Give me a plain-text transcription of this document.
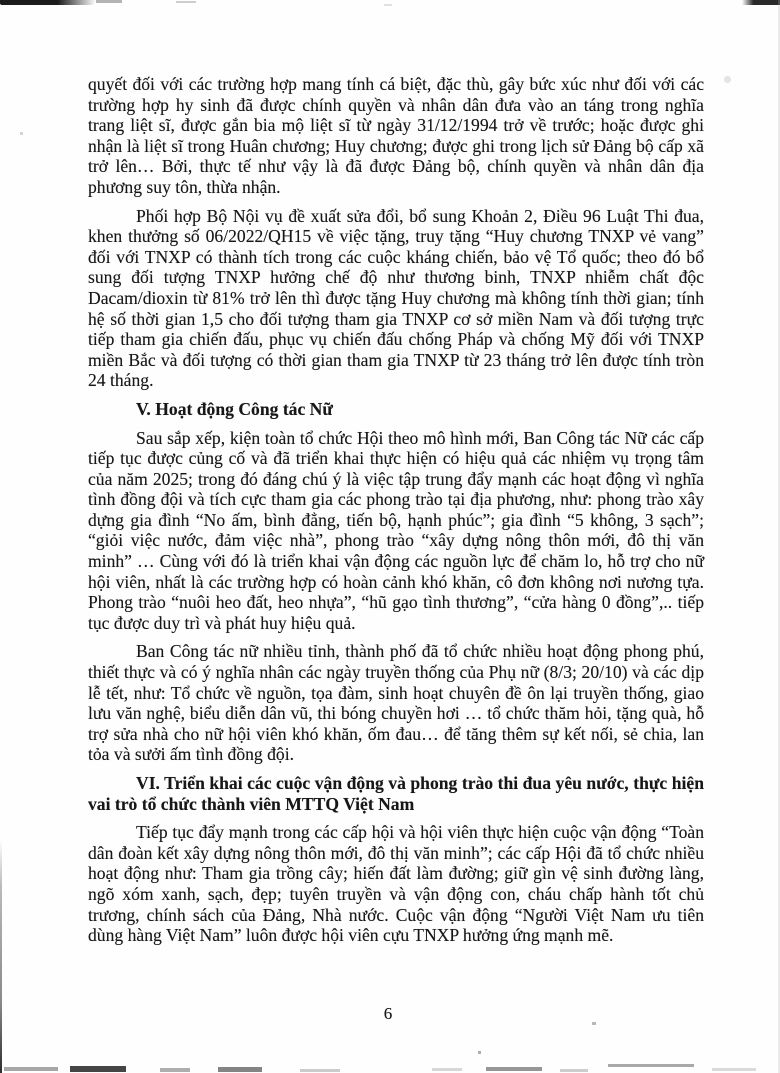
quyết đối với các trường hợp mang tính cá biệt, đặc thù, gây bức xúc như đối với các trường hợp hy sinh đã được chính quyền và nhân dân đưa vào an táng trong nghĩa trang liệt sĩ, được gắn bia mộ liệt sĩ từ ngày 31/12/1994 trở về trước; hoặc được ghi nhận là liệt sĩ trong Huân chương; Huy chương; được ghi trong lịch sử Đảng bộ cấp xã trở lên… Bởi, thực tế như vậy là đã được Đảng bộ, chính quyền và nhân dân địa phương suy tôn, thừa nhận.

Phối hợp Bộ Nội vụ đề xuất sửa đổi, bổ sung Khoản 2, Điều 96 Luật Thi đua, khen thưởng số 06/2022/QH15 về việc tặng, truy tặng “Huy chương TNXP vẻ vang” đối với TNXP có thành tích trong các cuộc kháng chiến, bảo vệ Tổ quốc; theo đó bổ sung đối tượng TNXP hưởng chế độ như thương binh, TNXP nhiễm chất độc Dacam/dioxin từ 81% trở lên thì được tặng Huy chương mà không tính thời gian; tính hệ số thời gian 1,5 cho đối tượng tham gia TNXP cơ sở miền Nam và đối tượng trực tiếp tham gia chiến đấu, phục vụ chiến đấu chống Pháp và chống Mỹ đối với TNXP miền Bắc và đối tượng có thời gian tham gia TNXP từ 23 tháng trở lên được tính tròn 24 tháng.

V. Hoạt động Công tác Nữ

Sau sắp xếp, kiện toàn tổ chức Hội theo mô hình mới, Ban Công tác Nữ các cấp tiếp tục được củng cố và đã triển khai thực hiện có hiệu quả các nhiệm vụ trọng tâm của năm 2025; trong đó đáng chú ý là việc tập trung đẩy mạnh các hoạt động vì nghĩa tình đồng đội và tích cực tham gia các phong trào tại địa phương, như: phong trào xây dựng gia đình “No ấm, bình đẳng, tiến bộ, hạnh phúc”; gia đình “5 không, 3 sạch”; “giỏi việc nước, đảm việc nhà”, phong trào “xây dựng nông thôn mới, đô thị văn minh” … Cùng với đó là triển khai vận động các nguồn lực để chăm lo, hỗ trợ cho nữ hội viên, nhất là các trường hợp có hoàn cảnh khó khăn, cô đơn không nơi nương tựa. Phong trào “nuôi heo đất, heo nhựa”, “hũ gạo tình thương”, “cửa hàng 0 đồng”,.. tiếp tục được duy trì và phát huy hiệu quả.

Ban Công tác nữ nhiều tỉnh, thành phố đã tổ chức nhiều hoạt động phong phú, thiết thực và có ý nghĩa nhân các ngày truyền thống của Phụ nữ (8/3; 20/10) và các dịp lễ tết, như: Tổ chức về nguồn, tọa đàm, sinh hoạt chuyên đề ôn lại truyền thống, giao lưu văn nghệ, biểu diễn dân vũ, thi bóng chuyền hơi … tổ chức thăm hỏi, tặng quà, hỗ trợ sửa nhà cho nữ hội viên khó khăn, ốm đau… để tăng thêm sự kết nối, sẻ chia, lan tỏa và sưởi ấm tình đồng đội.

VI. Triển khai các cuộc vận động và phong trào thi đua yêu nước, thực hiện vai trò tổ chức thành viên MTTQ Việt Nam

Tiếp tục đẩy mạnh trong các cấp hội và hội viên thực hiện cuộc vận động “Toàn dân đoàn kết xây dựng nông thôn mới, đô thị văn minh”; các cấp Hội đã tổ chức nhiều hoạt động như: Tham gia trồng cây; hiến đất làm đường; giữ gìn vệ sinh đường làng, ngõ xóm xanh, sạch, đẹp; tuyên truyền và vận động con, cháu chấp hành tốt chủ trương, chính sách của Đảng, Nhà nước. Cuộc vận động “Người Việt Nam ưu tiên dùng hàng Việt Nam” luôn được hội viên cựu TNXP hưởng ứng mạnh mẽ.

6
